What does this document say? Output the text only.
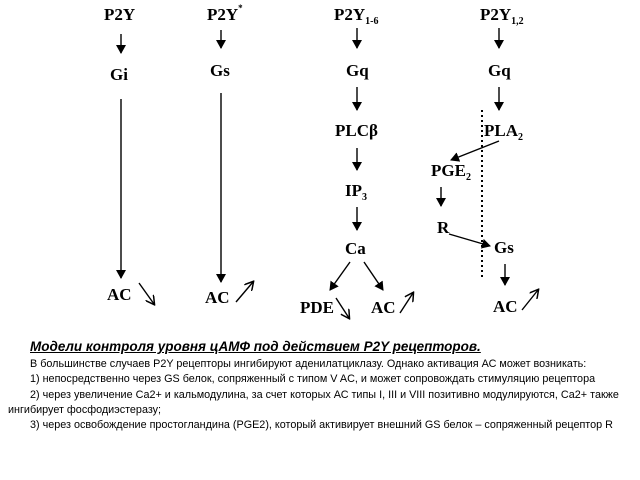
P2Y
Gi
AC
P2Y*
Gs
AC
$P2Y_{1-6}$
Gq
PLCβ
$IP_3$
Ca
PDE AC
$P2Y_{1,2}$
Gq
$PLA_2$
$PGE_2$
R
Gs
AC
Модели контроля уровня цАМФ под действием P2Y рецепторов.

В большинстве случаев P2Y рецепторы ингибируют аденилатциклазу. Однако активация АС может возникать:

1) непосредственно через GS белок, сопряженный с типом V AC, и может сопровождать стимуляцию рецептора

2) через увеличение Са2+ и кальмодулина, за счет которых АС типы I, III и VIII позитивно модулируются, Са2+ также ингибирует фосфодиэстеразу;

3) через освобождение простогландина (PGE2), который активирует внешний GS белок – сопряженный рецептор R
